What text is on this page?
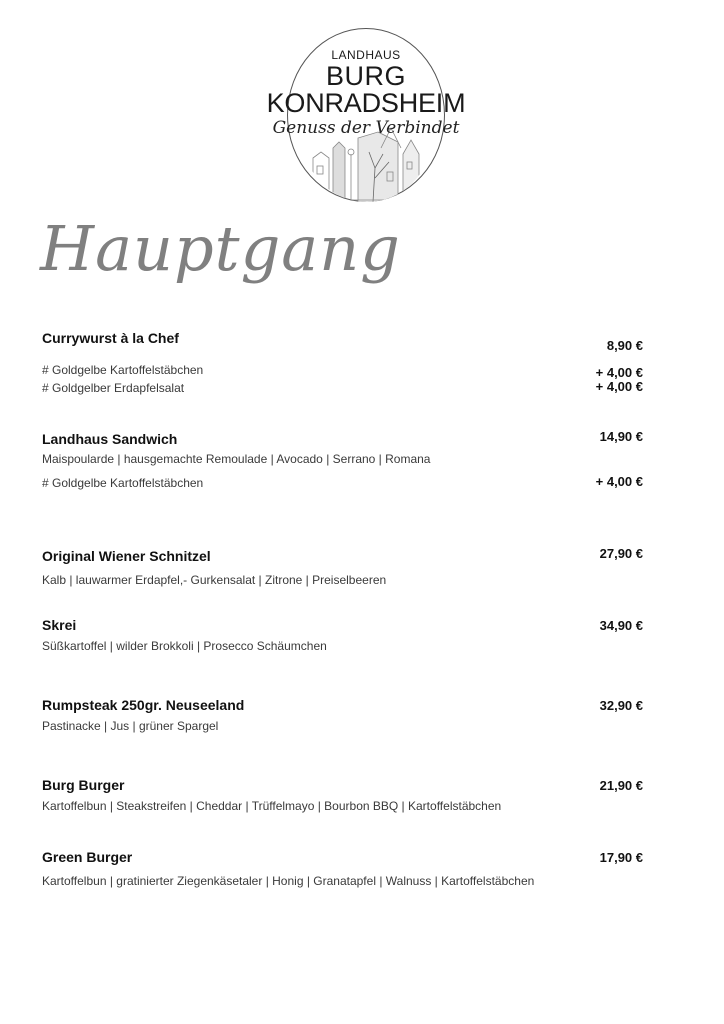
LANDHAUS
BURG
KONRADSHEIM
Genuss der Verbindet
Hauptgang
Currywurst à la Chef	8,90 €
# Goldgelbe Kartoffelstäbchen	+ 4,00 €
# Goldgelber Erdapfelsalat	+ 4,00 €
Landhaus Sandwich	14,90 €
Maispoularde | hausgemachte Remoulade | Avocado | Serrano | Romana
# Goldgelbe Kartoffelstäbchen	+ 4,00 €
Original Wiener Schnitzel	27,90 €
Kalb | lauwarmer Erdapfel,- Gurkensalat | Zitrone | Preiselbeeren
Skrei	34,90 €
Süßkartoffel | wilder Brokkoli | Prosecco Schäumchen
Rumpsteak 250gr. Neuseeland	32,90 €
Pastinacke | Jus | grüner Spargel
Burg Burger	21,90 €
Kartoffelbun | Steakstreifen | Cheddar | Trüffelmayo | Bourbon BBQ | Kartoffelstäbchen
Green Burger	17,90 €
Kartoffelbun | gratinierter Ziegenkäsetaler | Honig | Granatapfel | Walnuss | Kartoffelstäbchen
